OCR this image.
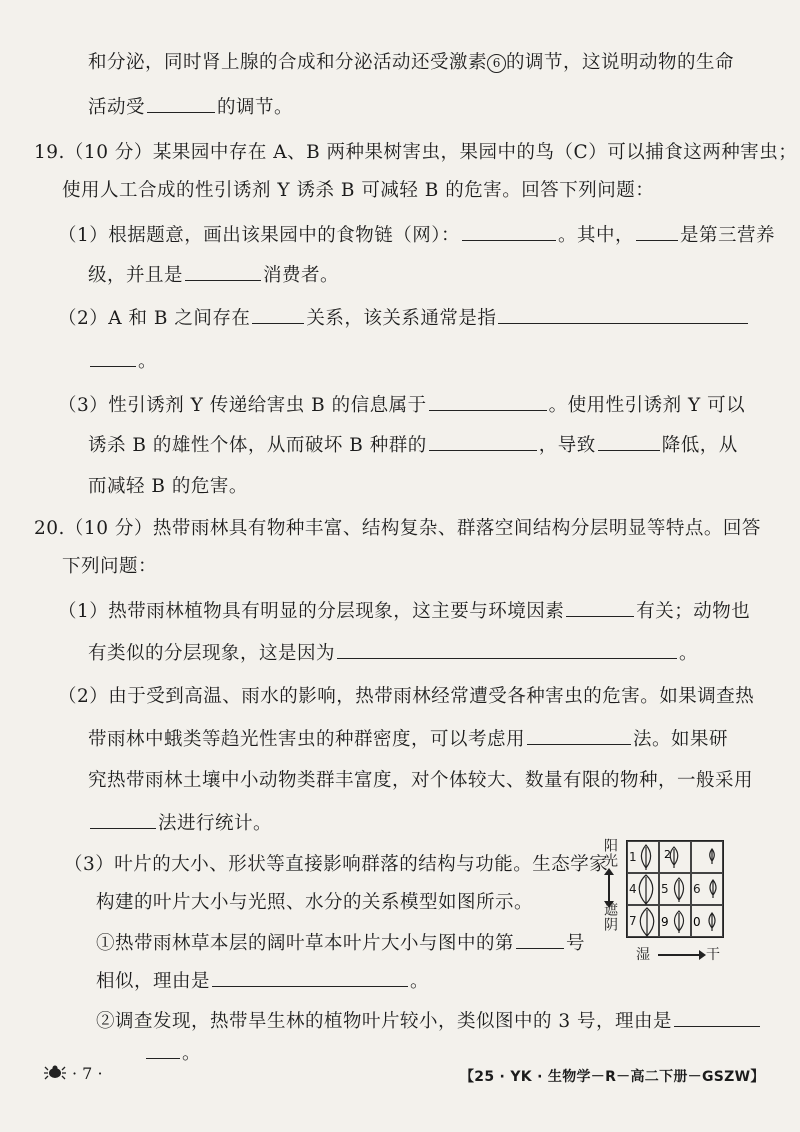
和分泌，同时肾上腺的合成和分泌活动还受激素 6 的调节，这说明动物的生命
活动受	的调节。
19.（10 分）某果园中存在 A、B 两种果树害虫，果园中的鸟（C）可以捕食这两种害虫；
使用人工合成的性引诱剂 Y 诱杀 B 可减轻 B 的危害。回答下列问题：
（1）根据题意，画出该果园中的食物链（网）：	。其中， 是第三营养
级，并且是	消费者。
（2）A 和 B 之间存在	关系，该关系通常是指
。
（3）性引诱剂 Y 传递给害虫 B 的信息属于	。使用性引诱剂 Y 可以
诱杀 B 的雄性个体，从而破坏 B 种群的	，导致	降低，从
而减轻 B 的危害。
20.（10 分）热带雨林具有物种丰富、结构复杂、群落空间结构分层明显等特点。回答
下列问题：
（1）热带雨林植物具有明显的分层现象，这主要与环境因素	有关；动物也
有类似的分层现象，这是因为	。
（2）由于受到高温、雨水的影响，热带雨林经常遭受各种害虫的危害。如果调查热
带雨林中蛾类等趋光性害虫的种群密度，可以考虑用	法。如果研
究热带雨林土壤中小动物类群丰富度，对个体较大、数量有限的物种，一般采用
法进行统计。
（3）叶片的大小、形状等直接影响群落的结构与功能。生态学家
构建的叶片大小与光照、水分的关系模型如图所示。
①热带雨林草本层的阔叶草本叶片大小与图中的第	号
相似，理由是	。
②调查发现，热带旱生林的植物叶片较小，类似图中的 3 号，理由是
。
阳光
遮阴
1 2
4 5 6
7 9 0
湿	干
· 7 ·	【25 · YK · 生物学－R－高二下册－GSZW】
